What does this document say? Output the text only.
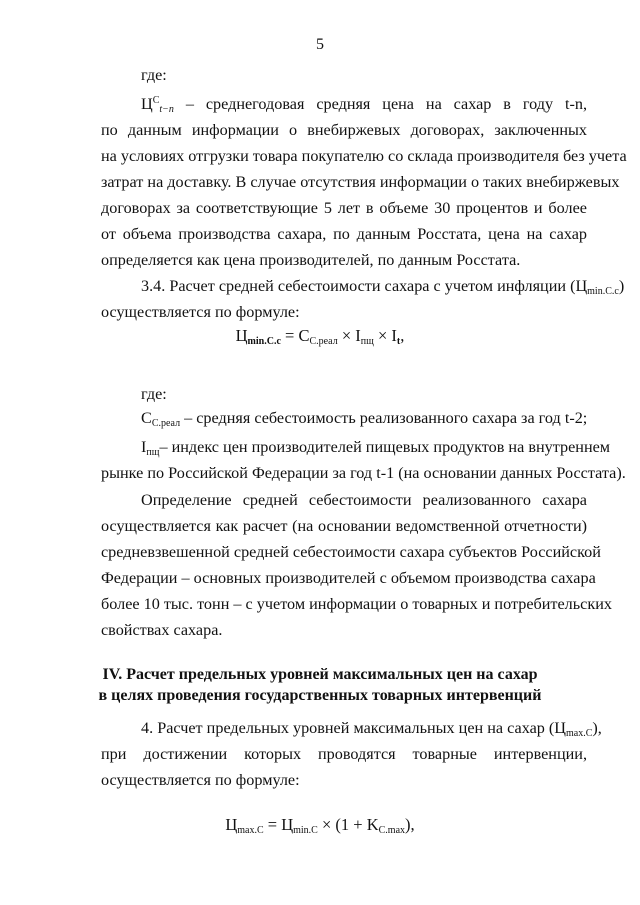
5
где:
$Ц^C_{t-n}$ – среднегодовая средняя цена на сахар в году t-n,
по данным информации о внебиржевых договорах, заключенных
на условиях отгрузки товара покупателю со склада производителя без учета
затрат на доставку. В случае отсутствия информации о таких внебиржевых
договорах за соответствующие 5 лет в объеме 30 процентов и более
от объема производства сахара, по данным Росстата, цена на сахар
определяется как цена производителей, по данным Росстата.
3.4. Расчет средней себестоимости сахара с учетом инфляции $(Ц_{min.C.c})$
осуществляется по формуле:
$Ц_{min.C.c} = C_{C.реал} \times I_{пщ} \times I_t$,
где:
$C_{C.реал}$ – средняя себестоимость реализованного сахара за год t-2;
$I_{пщ}-$ индекс цен производителей пищевых продуктов на внутреннем
рынке по Российской Федерации за год t-1 (на основании данных Росстата).
Определение средней себестоимости реализованного сахара
осуществляется как расчет (на основании ведомственной отчетности)
средневзвешенной средней себестоимости сахара субъектов Российской
Федерации – основных производителей с объемом производства сахара
более 10 тыс. тонн – с учетом информации о товарных и потребительских
свойствах сахара.
IV. Расчет предельных уровней максимальных цен на сахар
в целях проведения государственных товарных интервенций
4. Расчет предельных уровней максимальных цен на сахар $(Ц_{max.C})$,
при достижении которых проводятся товарные интервенции,
осуществляется по формуле:
$Ц_{max.C} = Ц_{min.C} \times (1 + K_{C.max})$,
